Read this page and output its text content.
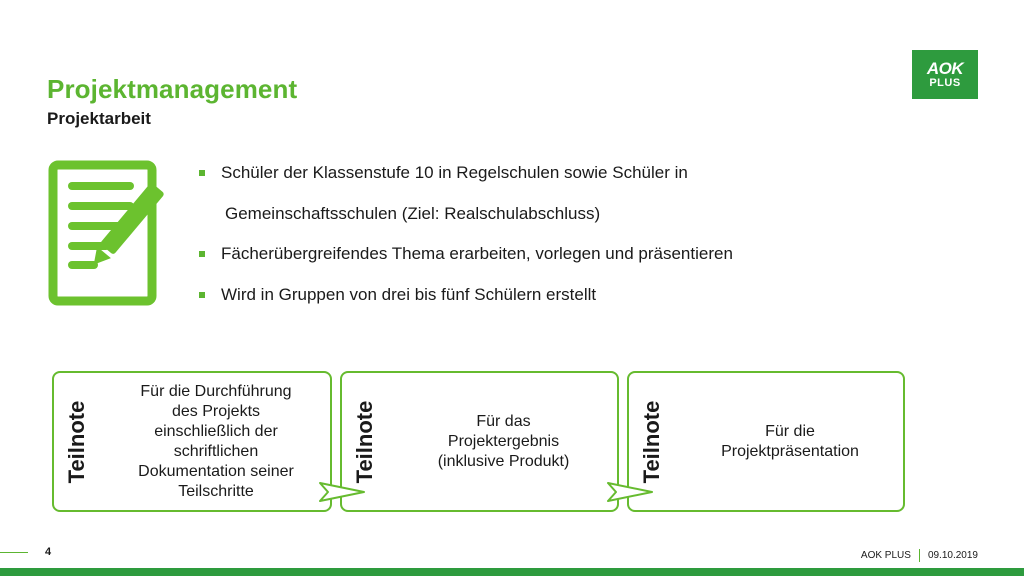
Projektmanagement
Projektarbeit
AOK
PLUS
Schüler der Klassenstufe 10 in Regelschulen sowie Schüler in
Gemeinschaftsschulen (Ziel: Realschulabschluss)
Fächerübergreifendes Thema erarbeiten, vorlegen und präsentieren
Wird in Gruppen von drei bis fünf Schülern erstellt
Teilnote
Für die Durchführung
des Projekts
einschließlich der
schriftlichen
Dokumentation seiner
Teilschritte
Teilnote	Für das
Projektergebnis
(inklusive Produkt)	Teilnote	Für die
Projektpräsentation
4	AOK PLUS 09.10.2019
